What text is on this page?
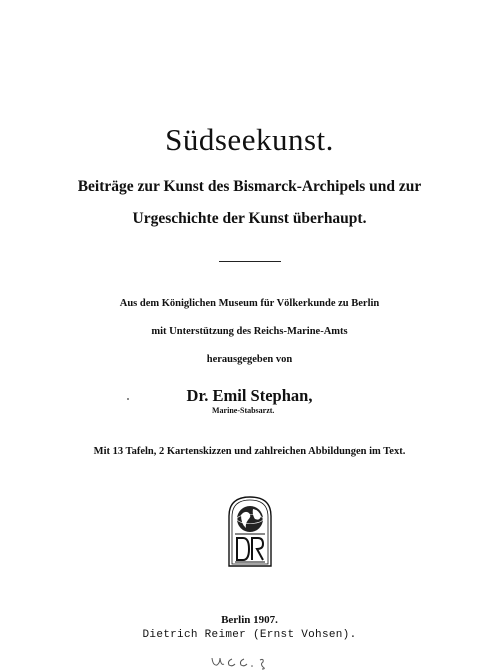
Südseekunst.
Beiträge zur Kunst des Bismarck-Archipels und zur
Urgeschichte der Kunst überhaupt.
Aus dem Königlichen Museum für Völkerkunde zu Berlin
mit Unterstützung des Reichs-Marine-Amts
herausgegeben von
Dr. Emil Stephan,
Marine-Stabsarzt.
Mit 13 Tafeln, 2 Kartenskizzen und zahlreichen Abbildungen im Text.
Berlin 1907.
Dietrich Reimer (Ernst Vohsen).
